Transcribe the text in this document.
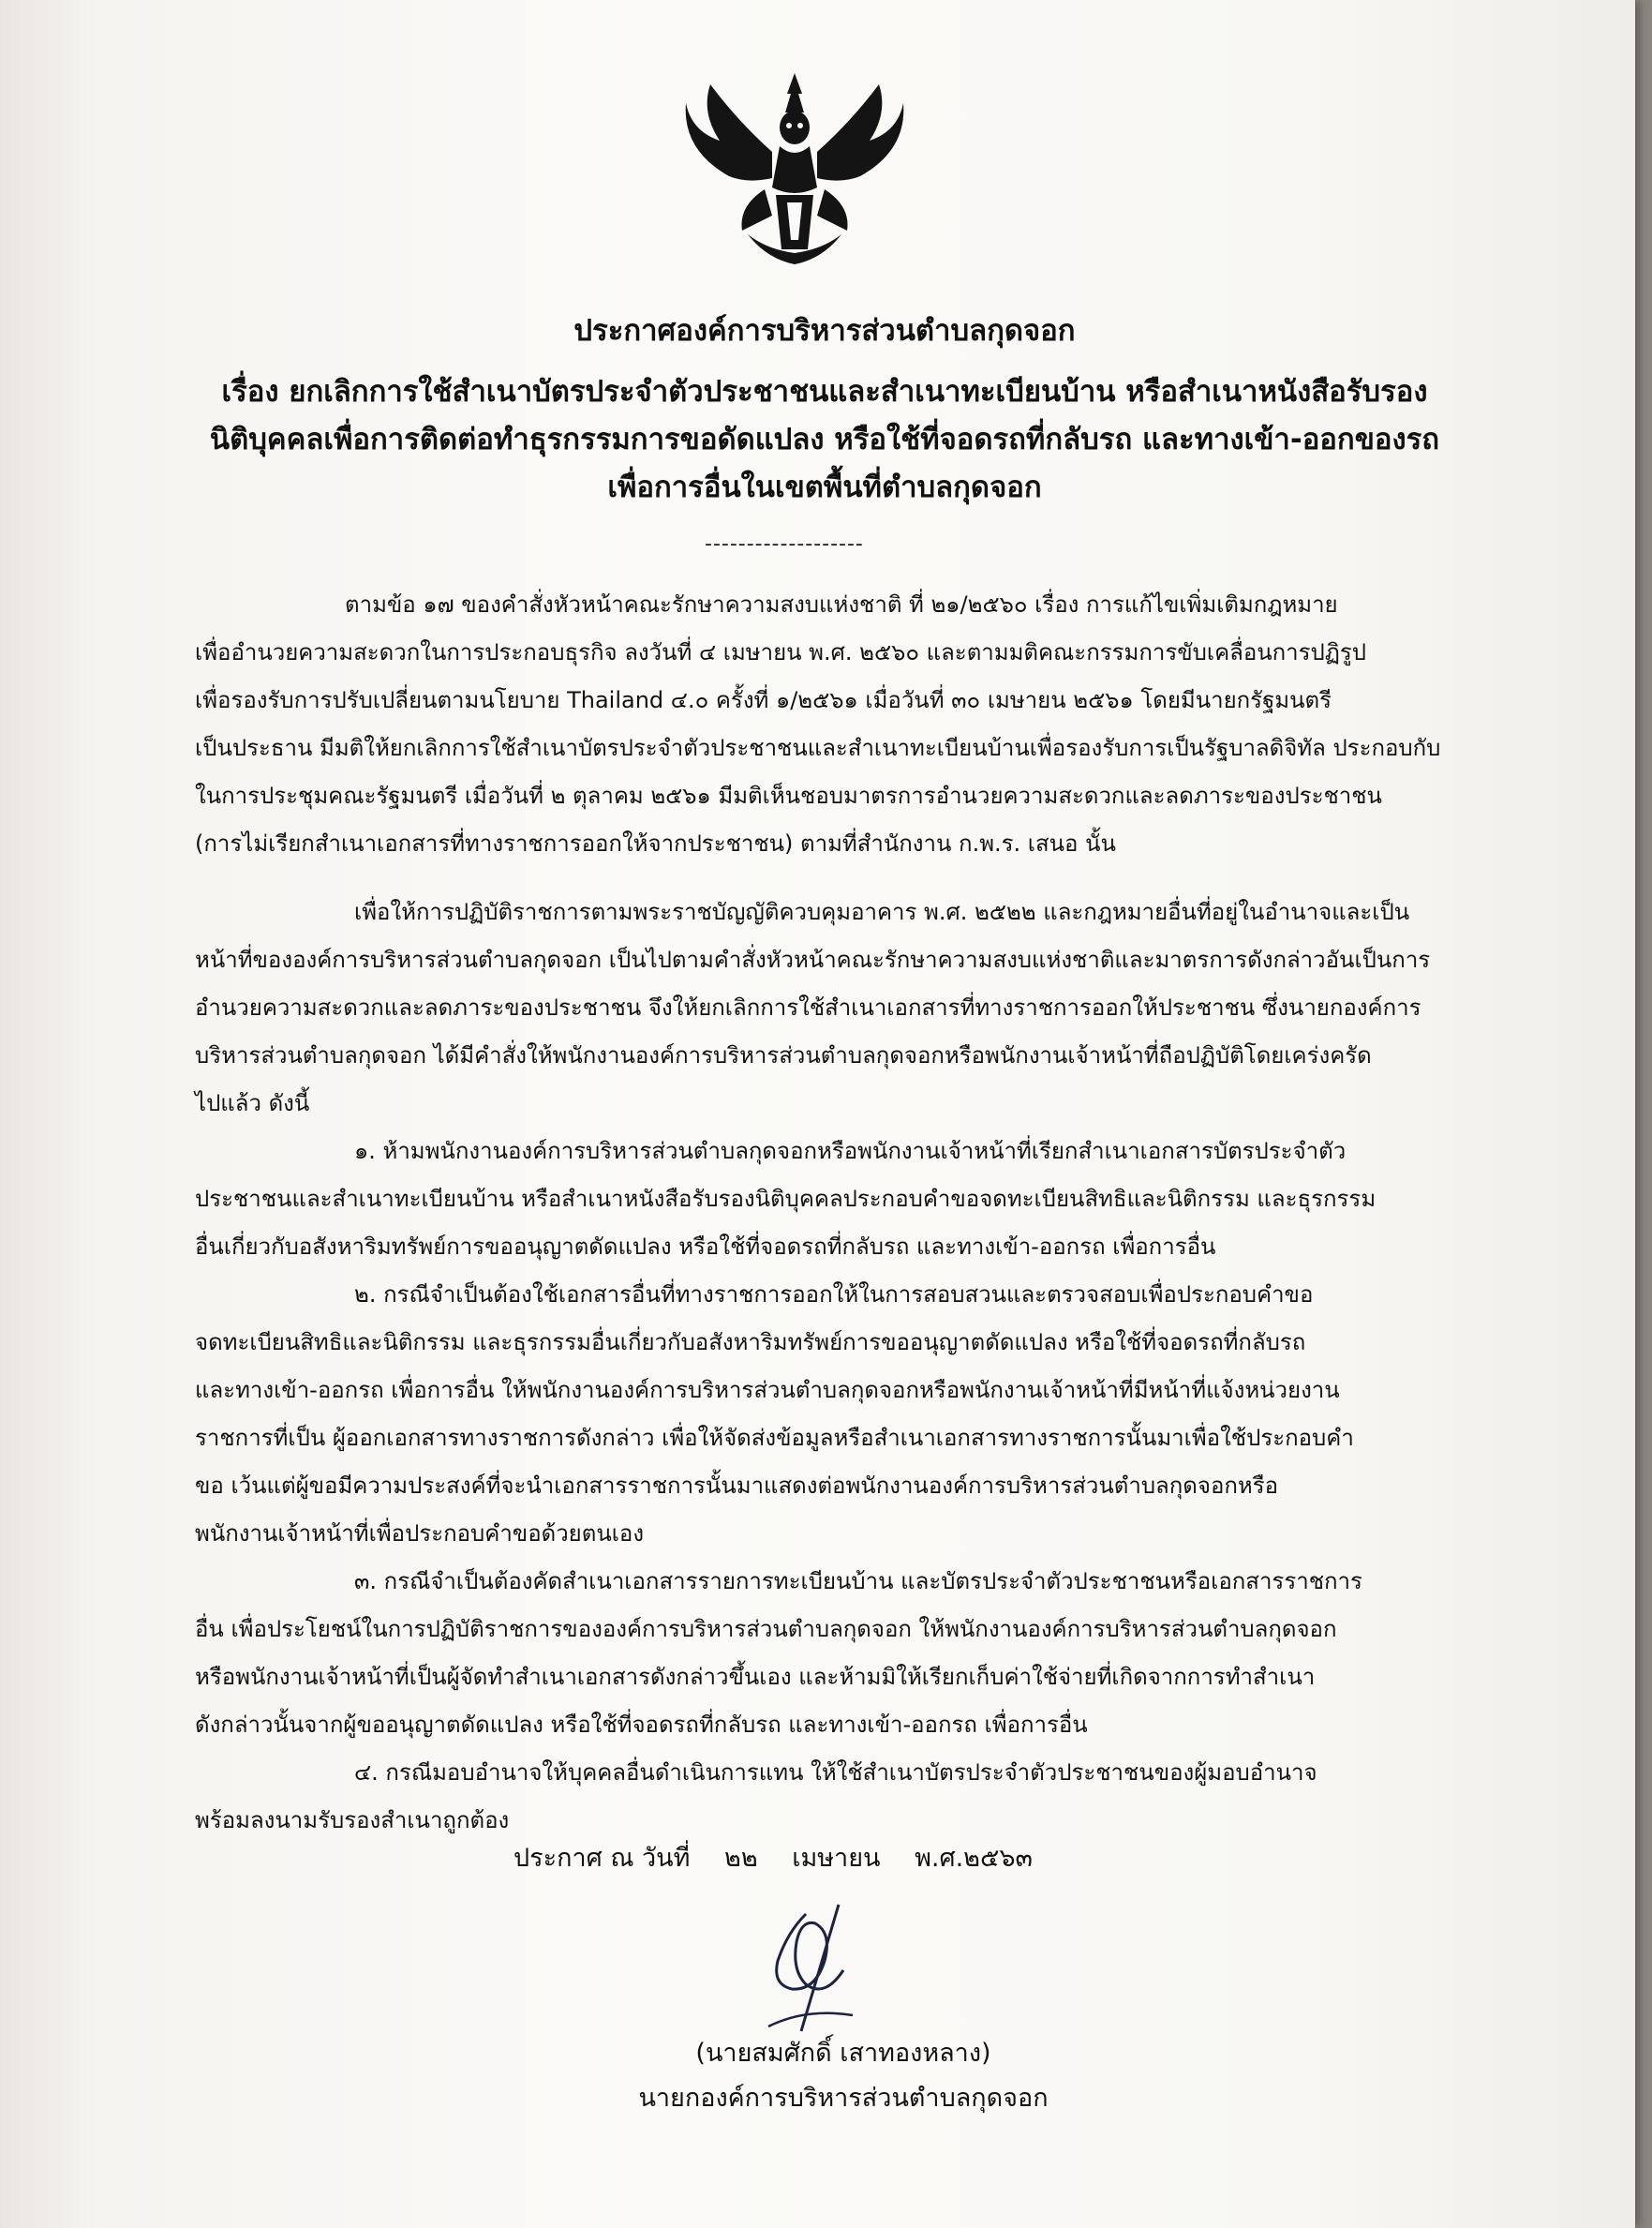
ประกาศองค์การบริหารส่วนตำบลกุดจอก
เรื่อง ยกเลิกการใช้สำเนาบัตรประจำตัวประชาชนและสำเนาทะเบียนบ้าน หรือสำเนาหนังสือรับรอง
นิติบุคคลเพื่อการติดต่อทำธุรกรรมการขอดัดแปลง หรือใช้ที่จอดรถที่กลับรถ และทางเข้า-ออกของรถ
เพื่อการอื่นในเขตพื้นที่ตำบลกุดจอก
-------------------
ตามข้อ ๑๗ ของคำสั่งหัวหน้าคณะรักษาความสงบแห่งชาติ ที่ ๒๑/๒๕๖๐ เรื่อง การแก้ไขเพิ่มเติมกฎหมาย
เพื่ออำนวยความสะดวกในการประกอบธุรกิจ ลงวันที่ ๔ เมษายน พ.ศ. ๒๕๖๐ และตามมติคณะกรรมการขับเคลื่อนการปฏิรูป
เพื่อรองรับการปรับเปลี่ยนตามนโยบาย Thailand ๔.๐ ครั้งที่ ๑/๒๕๖๑ เมื่อวันที่ ๓๐ เมษายน ๒๕๖๑ โดยมีนายกรัฐมนตรี
เป็นประธาน มีมติให้ยกเลิกการใช้สำเนาบัตรประจำตัวประชาชนและสำเนาทะเบียนบ้านเพื่อรองรับการเป็นรัฐบาลดิจิทัล ประกอบกับ
ในการประชุมคณะรัฐมนตรี เมื่อวันที่ ๒ ตุลาคม ๒๕๖๑ มีมติเห็นชอบมาตรการอำนวยความสะดวกและลดภาระของประชาชน
(การไม่เรียกสำเนาเอกสารที่ทางราชการออกให้จากประชาชน) ตามที่สำนักงาน ก.พ.ร. เสนอ นั้น
เพื่อให้การปฏิบัติราชการตามพระราชบัญญัติควบคุมอาคาร พ.ศ. ๒๕๒๒ และกฎหมายอื่นที่อยู่ในอำนาจและเป็น
หน้าที่ขององค์การบริหารส่วนตำบลกุดจอก เป็นไปตามคำสั่งหัวหน้าคณะรักษาความสงบแห่งชาติและมาตรการดังกล่าวอันเป็นการ
อำนวยความสะดวกและลดภาระของประชาชน จึงให้ยกเลิกการใช้สำเนาเอกสารที่ทางราชการออกให้ประชาชน ซึ่งนายกองค์การ
บริหารส่วนตำบลกุดจอก ได้มีคำสั่งให้พนักงานองค์การบริหารส่วนตำบลกุดจอกหรือพนักงานเจ้าหน้าที่ถือปฏิบัติโดยเคร่งครัด
ไปแล้ว ดังนี้
๑. ห้ามพนักงานองค์การบริหารส่วนตำบลกุดจอกหรือพนักงานเจ้าหน้าที่เรียกสำเนาเอกสารบัตรประจำตัว
ประชาชนและสำเนาทะเบียนบ้าน หรือสำเนาหนังสือรับรองนิติบุคคลประกอบคำขอจดทะเบียนสิทธิและนิติกรรม และธุรกรรม
อื่นเกี่ยวกับอสังหาริมทรัพย์การขออนุญาตดัดแปลง หรือใช้ที่จอดรถที่กลับรถ และทางเข้า-ออกรถ เพื่อการอื่น
๒. กรณีจำเป็นต้องใช้เอกสารอื่นที่ทางราชการออกให้ในการสอบสวนและตรวจสอบเพื่อประกอบคำขอ
จดทะเบียนสิทธิและนิติกรรม และธุรกรรมอื่นเกี่ยวกับอสังหาริมทรัพย์การขออนุญาตดัดแปลง หรือใช้ที่จอดรถที่กลับรถ
และทางเข้า-ออกรถ เพื่อการอื่น ให้พนักงานองค์การบริหารส่วนตำบลกุดจอกหรือพนักงานเจ้าหน้าที่มีหน้าที่แจ้งหน่วยงาน
ราชการที่เป็น ผู้ออกเอกสารทางราชการดังกล่าว เพื่อให้จัดส่งข้อมูลหรือสำเนาเอกสารทางราชการนั้นมาเพื่อใช้ประกอบคำ
ขอ เว้นแต่ผู้ขอมีความประสงค์ที่จะนำเอกสารราชการนั้นมาแสดงต่อพนักงานองค์การบริหารส่วนตำบลกุดจอกหรือ
พนักงานเจ้าหน้าที่เพื่อประกอบคำขอด้วยตนเอง
๓. กรณีจำเป็นต้องคัดสำเนาเอกสารรายการทะเบียนบ้าน และบัตรประจำตัวประชาชนหรือเอกสารราชการ
อื่น เพื่อประโยชน์ในการปฏิบัติราชการขององค์การบริหารส่วนตำบลกุดจอก ให้พนักงานองค์การบริหารส่วนตำบลกุดจอก
หรือพนักงานเจ้าหน้าที่เป็นผู้จัดทำสำเนาเอกสารดังกล่าวขึ้นเอง และห้ามมิให้เรียกเก็บค่าใช้จ่ายที่เกิดจากการทำสำเนา
ดังกล่าวนั้นจากผู้ขออนุญาตดัดแปลง หรือใช้ที่จอดรถที่กลับรถ และทางเข้า-ออกรถ เพื่อการอื่น
๔. กรณีมอบอำนาจให้บุคคลอื่นดำเนินการแทน ให้ใช้สำเนาบัตรประจำตัวประชาชนของผู้มอบอำนาจ
พร้อมลงนามรับรองสำเนาถูกต้อง
ประกาศ ณ วันที่ ๒๒ เมษายน พ.ศ.๒๕๖๓
(นายสมศักดิ์ เสาทองหลาง)
นายกองค์การบริหารส่วนตำบลกุดจอก
